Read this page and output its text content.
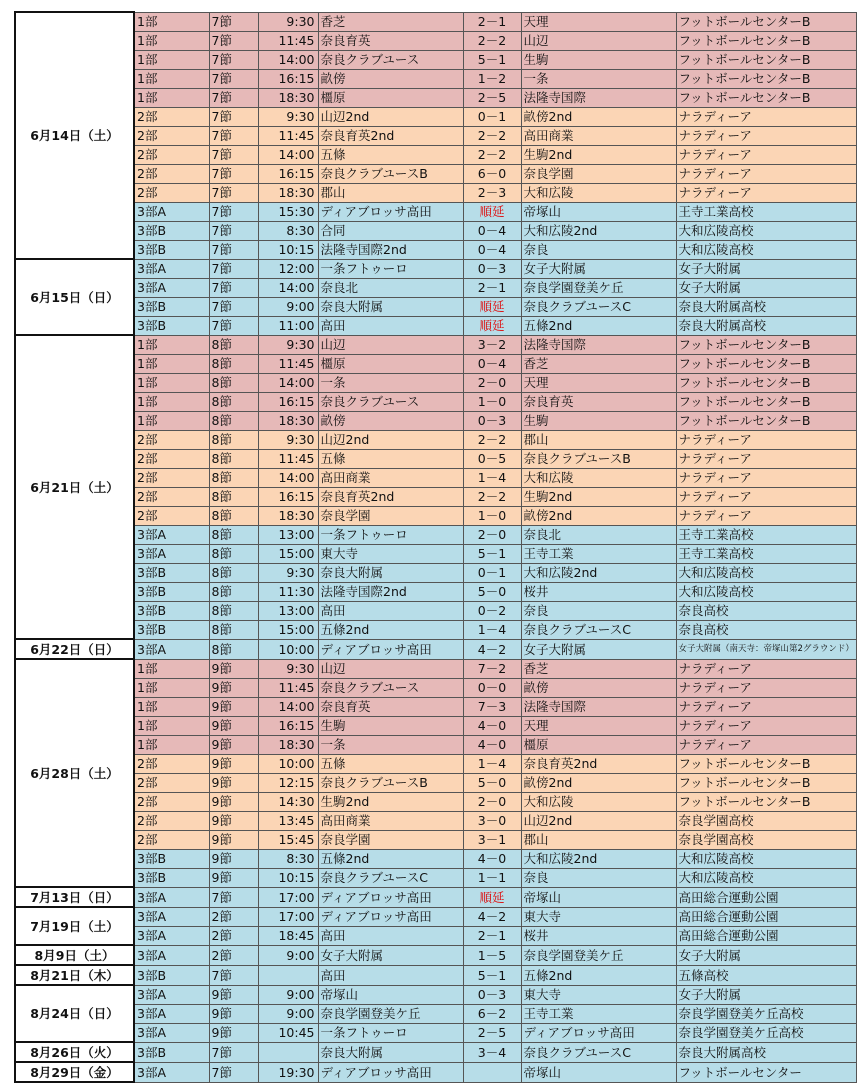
6月14日（土）	1部	7節	9:30	香芝	2－1	天理	フットボールセンターB
	1部	7節	11:45	奈良育英	2－2	山辺	フットボールセンターB
	1部	7節	14:00	奈良クラブユース	5－1	生駒	フットボールセンターB
	1部	7節	16:15	畝傍	1－2	一条	フットボールセンターB
	1部	7節	18:30	橿原	2－5	法隆寺国際	フットボールセンターB
	2部	7節	9:30	山辺2nd	0－1	畝傍2nd	ナラディーア
	2部	7節	11:45	奈良育英2nd	2－2	高田商業	ナラディーア
	2部	7節	14:00	五條	2－2	生駒2nd	ナラディーア
	2部	7節	16:15	奈良クラブユースB	6－0	奈良学園	ナラディーア
	2部	7節	18:30	郡山	2－3	大和広陵	ナラディーア
	3部A	7節	15:30	ディアブロッサ高田	順延	帝塚山	王寺工業高校
	3部B	7節	8:30	合同	0－4	大和広陵2nd	大和広陵高校
	3部B	7節	10:15	法隆寺国際2nd	0－4	奈良	大和広陵高校
6月15日（日）	3部A	7節	12:00	一条フトゥーロ	0－3	女子大附属	女子大附属
	3部A	7節	14:00	奈良北	2－1	奈良学園登美ケ丘	女子大附属
	3部B	7節	9:00	奈良大附属	順延	奈良クラブユースC	奈良大附属高校
	3部B	7節	11:00	高田	順延	五條2nd	奈良大附属高校
6月21日（土）	1部	8節	9:30	山辺	3－2	法隆寺国際	フットボールセンターB
	1部	8節	11:45	橿原	0－4	香芝	フットボールセンターB
	1部	8節	14:00	一条	2－0	天理	フットボールセンターB
	1部	8節	16:15	奈良クラブユース	1－0	奈良育英	フットボールセンターB
	1部	8節	18:30	畝傍	0－3	生駒	フットボールセンターB
	2部	8節	9:30	山辺2nd	2－2	郡山	ナラディーア
	2部	8節	11:45	五條	0－5	奈良クラブユースB	ナラディーア
	2部	8節	14:00	高田商業	1－4	大和広陵	ナラディーア
	2部	8節	16:15	奈良育英2nd	2－2	生駒2nd	ナラディーア
	2部	8節	18:30	奈良学園	1－0	畝傍2nd	ナラディーア
	3部A	8節	13:00	一条フトゥーロ	2－0	奈良北	王寺工業高校
	3部A	8節	15:00	東大寺	5－1	王寺工業	王寺工業高校
	3部B	8節	9:30	奈良大附属	0－1	大和広陵2nd	大和広陵高校
	3部B	8節	11:30	法隆寺国際2nd	5－0	桜井	大和広陵高校
	3部B	8節	13:00	高田	0－2	奈良	奈良高校
	3部B	8節	15:00	五條2nd	1－4	奈良クラブユースC	奈良高校
6月22日（日）	3部A	8節	10:00	ディアブロッサ高田	4－2	女子大附属	女子大附属（南天寺：帝塚山第2グラウンド）
6月28日（土）	1部	9節	9:30	山辺	7－2	香芝	ナラディーア
	1部	9節	11:45	奈良クラブユース	0－0	畝傍	ナラディーア
	1部	9節	14:00	奈良育英	7－3	法隆寺国際	ナラディーア
	1部	9節	16:15	生駒	4－0	天理	ナラディーア
	1部	9節	18:30	一条	4－0	橿原	ナラディーア
	2部	9節	10:00	五條	1－4	奈良育英2nd	フットボールセンターB
	2部	9節	12:15	奈良クラブユースB	5－0	畝傍2nd	フットボールセンターB
	2部	9節	14:30	生駒2nd	2－0	大和広陵	フットボールセンターB
	2部	9節	13:45	高田商業	3－0	山辺2nd	奈良学園高校
	2部	9節	15:45	奈良学園	3－1	郡山	奈良学園高校
	3部B	9節	8:30	五條2nd	4－0	大和広陵2nd	大和広陵高校
	3部B	9節	10:15	奈良クラブユースC	1－1	奈良	大和広陵高校
7月13日（日）	3部A	7節	17:00	ディアブロッサ高田	順延	帝塚山	高田総合運動公園
7月19日（土）	3部A	2節	17:00	ディアブロッサ高田	4－2	東大寺	高田総合運動公園
	3部A	2節	18:45	高田	2－1	桜井	高田総合運動公園
8月9日（土）	3部A	2節	9:00	女子大附属	1－5	奈良学園登美ケ丘	女子大附属
8月21日（木）	3部B	7節		高田	5－1	五條2nd	五條高校
8月24日（日）	3部A	9節	9:00	帝塚山	0－3	東大寺	女子大附属
	3部A	9節	9:00	奈良学園登美ケ丘	6－2	王寺工業	奈良学園登美ケ丘高校
	3部A	9節	10:45	一条フトゥーロ	2－5	ディアブロッサ高田	奈良学園登美ケ丘高校
8月26日（火）	3部B	7節		奈良大附属	3－4	奈良クラブユースC	奈良大附属高校
8月29日（金）	3部A	7節	19:30	ディアブロッサ高田		帝塚山	フットボールセンター
